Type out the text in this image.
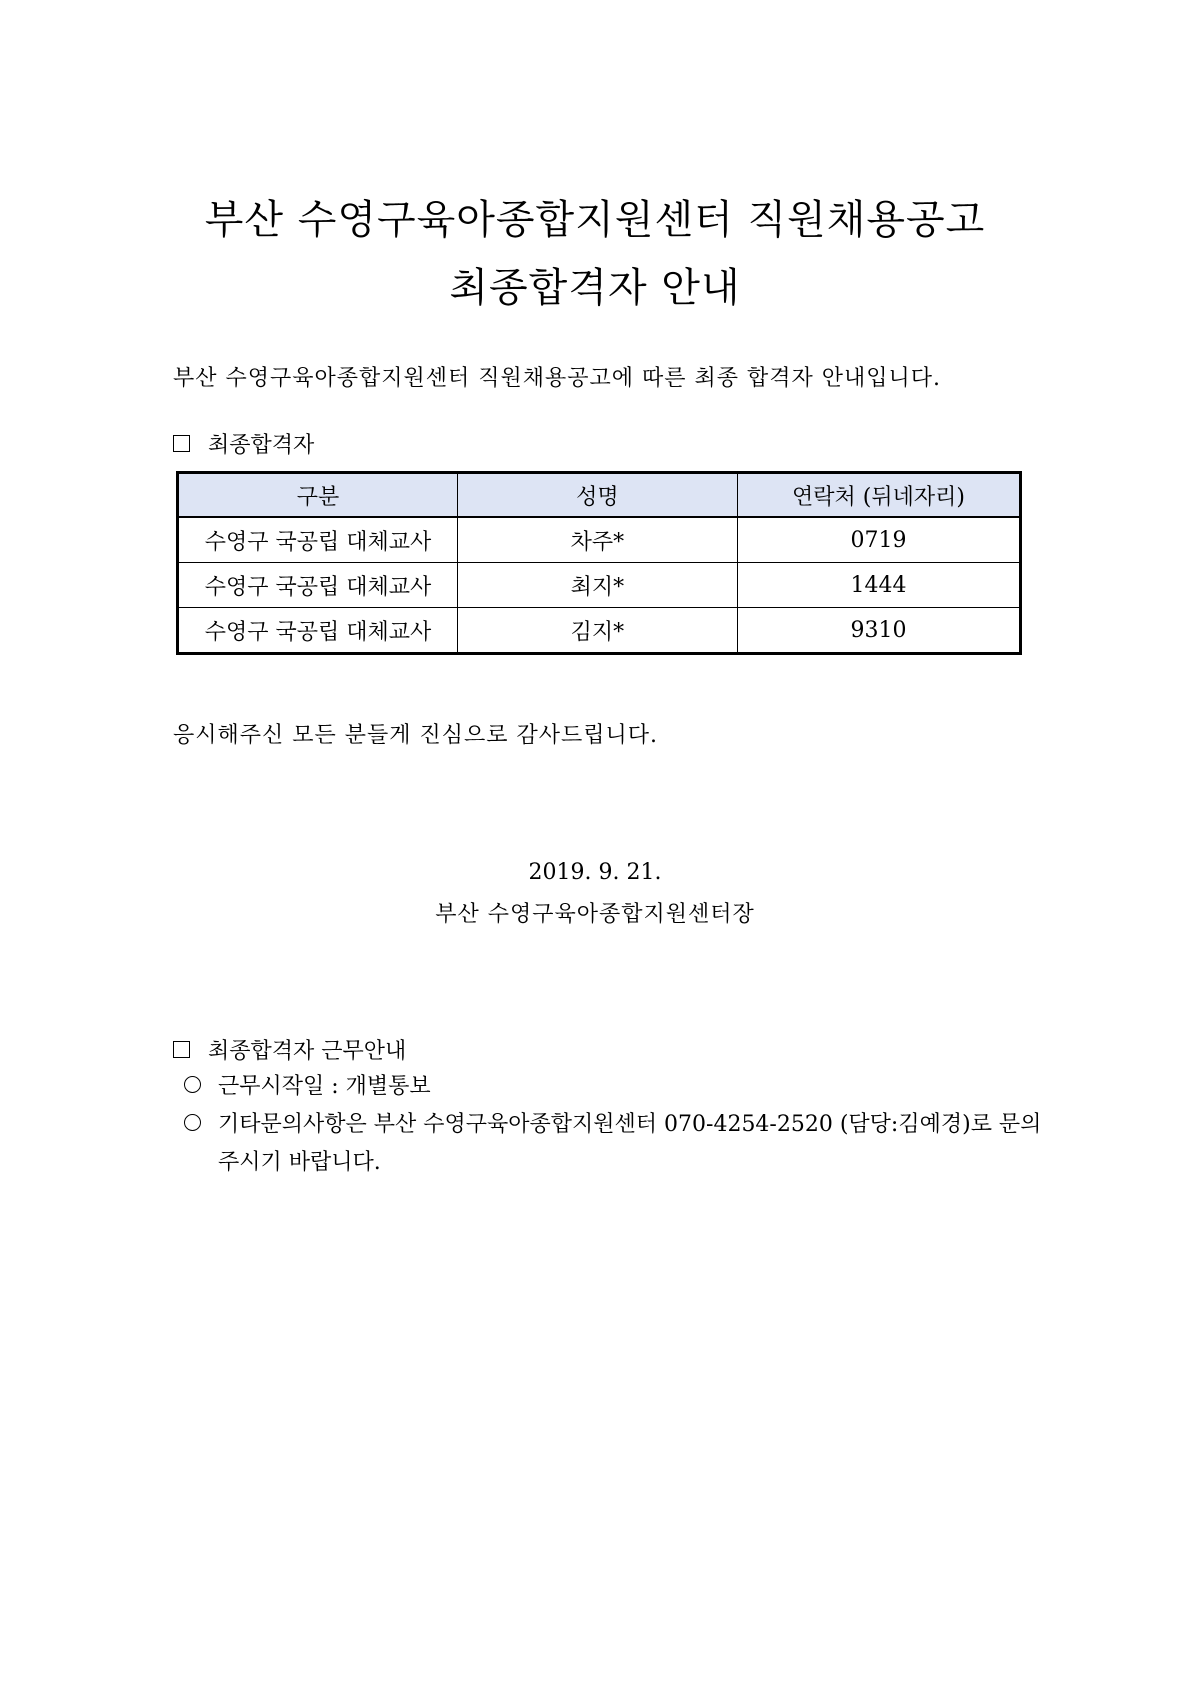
부산 수영구육아종합지원센터 직원채용공고
최종합격자 안내
부산 수영구육아종합지원센터 직원채용공고에 따른 최종 합격자 안내입니다.
최종합격자
구분	성명	연락처 (뒤네자리)
수영구 국공립 대체교사	차주*	0719
수영구 국공립 대체교사	최지*	1444
수영구 국공립 대체교사	김지*	9310
응시해주신 모든 분들게 진심으로 감사드립니다.
2019. 9. 21.
부산 수영구육아종합지원센터장
최종합격자 근무안내
근무시작일 : 개별통보
기타문의사항은 부산 수영구육아종합지원센터 070-4254-2520 (담당:김예경)로 문의
주시기 바랍니다.
